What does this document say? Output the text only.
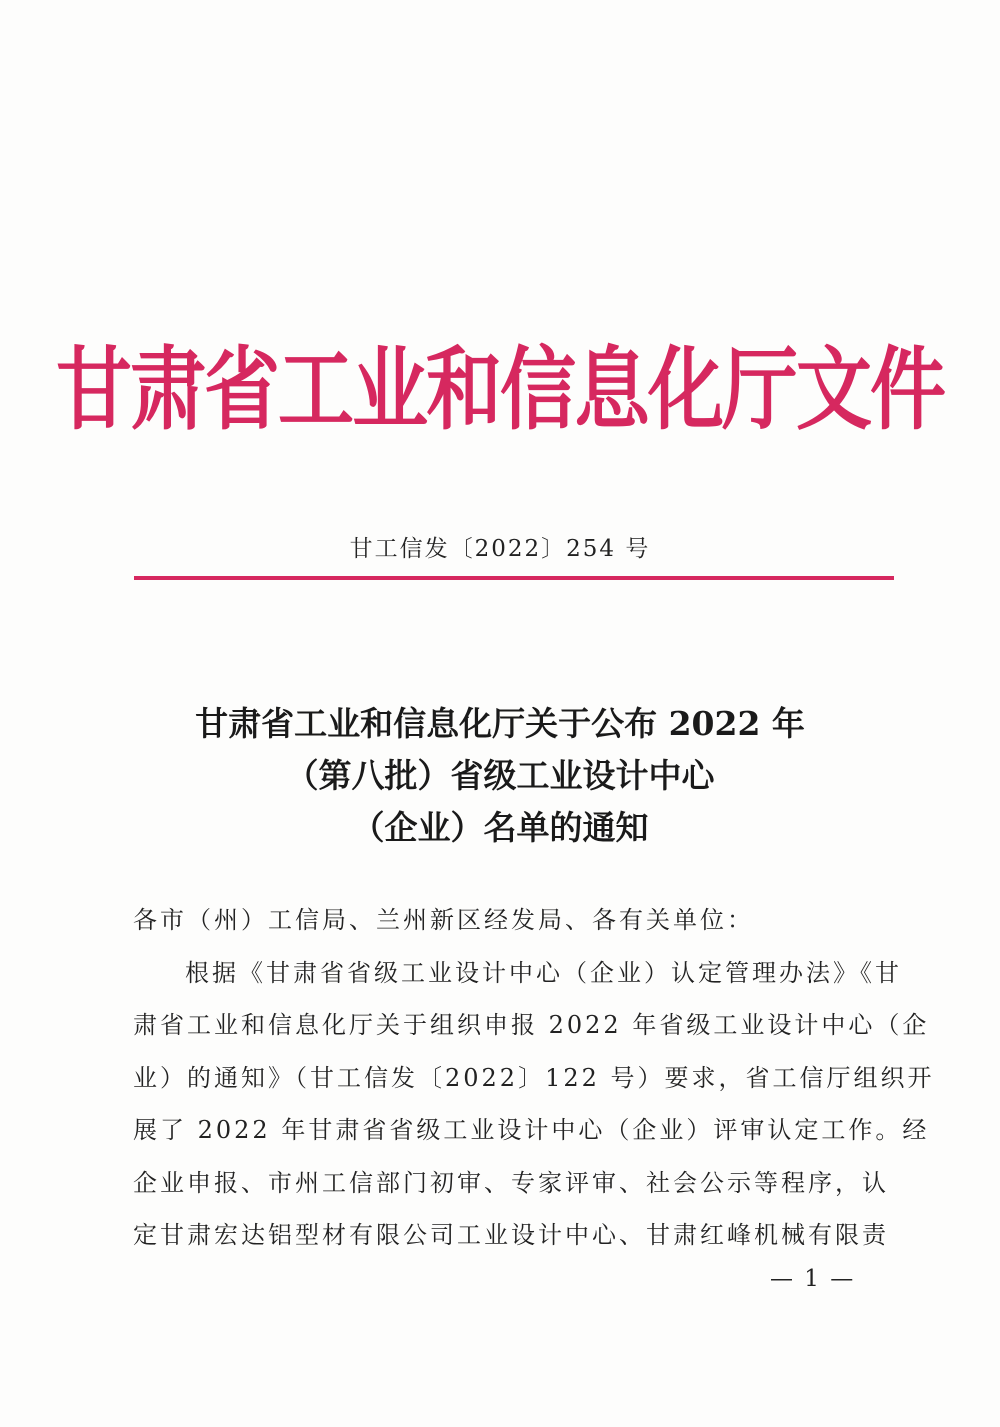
甘肃省工业和信息化厅文件
甘工信发〔2022〕254 号
甘肃省工业和信息化厅关于公布 2022 年
（第八批）省级工业设计中心
（企业）名单的通知
各市（州）工信局、兰州新区经发局、各有关单位：
根据《甘肃省省级工业设计中心（企业）认定管理办法》《甘
肃省工业和信息化厅关于组织申报 2022 年省级工业设计中心（企
业）的通知》（甘工信发〔2022〕122 号）要求，省工信厅组织开
展了 2022 年甘肃省省级工业设计中心（企业）评审认定工作。经
企业申报、市州工信部门初审、专家评审、社会公示等程序，认
定甘肃宏达铝型材有限公司工业设计中心、甘肃红峰机械有限责
— 1 —
